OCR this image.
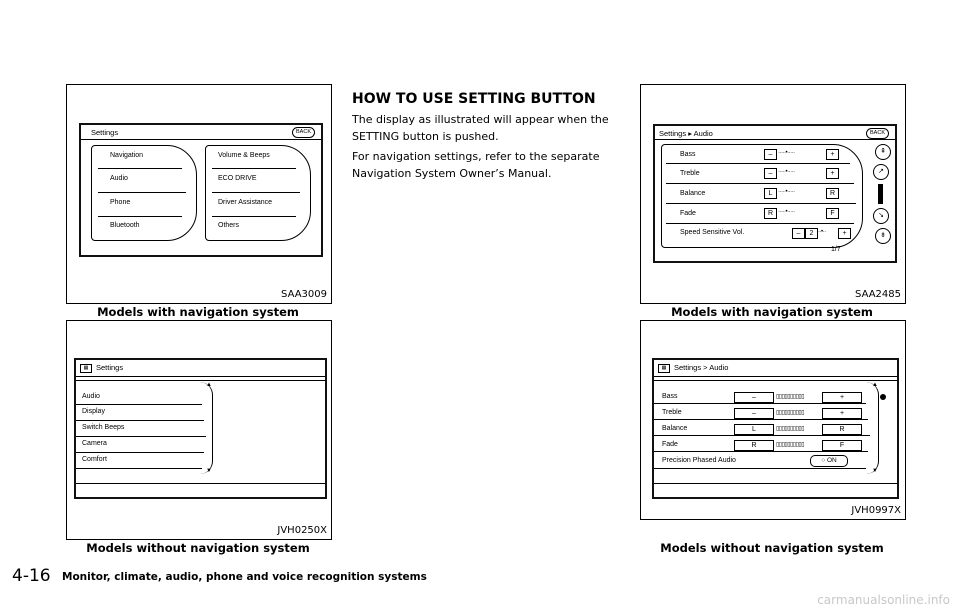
Settings	BACK
Navigation
Audio
Phone
Bluetooth
Volume & Beeps
ECO DRIVE
Driver Assistance
Others
SAA3009
Models with navigation system
▦	Settings
Audio
Display
Switch Beeps
Camera
Comfort
▲
▼
JVH0250X
Models without navigation system
HOW TO USE SETTING BUTTON
The display as illustrated will appear when the SETTING button is pushed.
For navigation settings, refer to the separate Navigation System Owner’s Manual.
Settings ▸ Audio	BACK
Bass	– ·····•·····	+
Treble	– ·····•·····	+
Balance	L ·····•·····	R
Fade	R ·····•·····	F
Speed Sensitive Vol.	–	2 ··•··	+
1/7
⇞
↗
↘
⇟
SAA2485
Models with navigation system
▦	Settings > Audio
Bass	–	▯▯▯▯▯▯▯▯▯▯	+
Treble	–	▯▯▯▯▯▯▯▯▯▯	+
Balance	L	▯▯▯▯▯▯▯▯▯▯	R
Fade	R	▯▯▯▯▯▯▯▯▯▯	F
Precision Phased Audio	○ ON
▲
▼
JVH0997X
Models without navigation system
4-16 Monitor, climate, audio, phone and voice recognition systems
carmanualsonline.info
